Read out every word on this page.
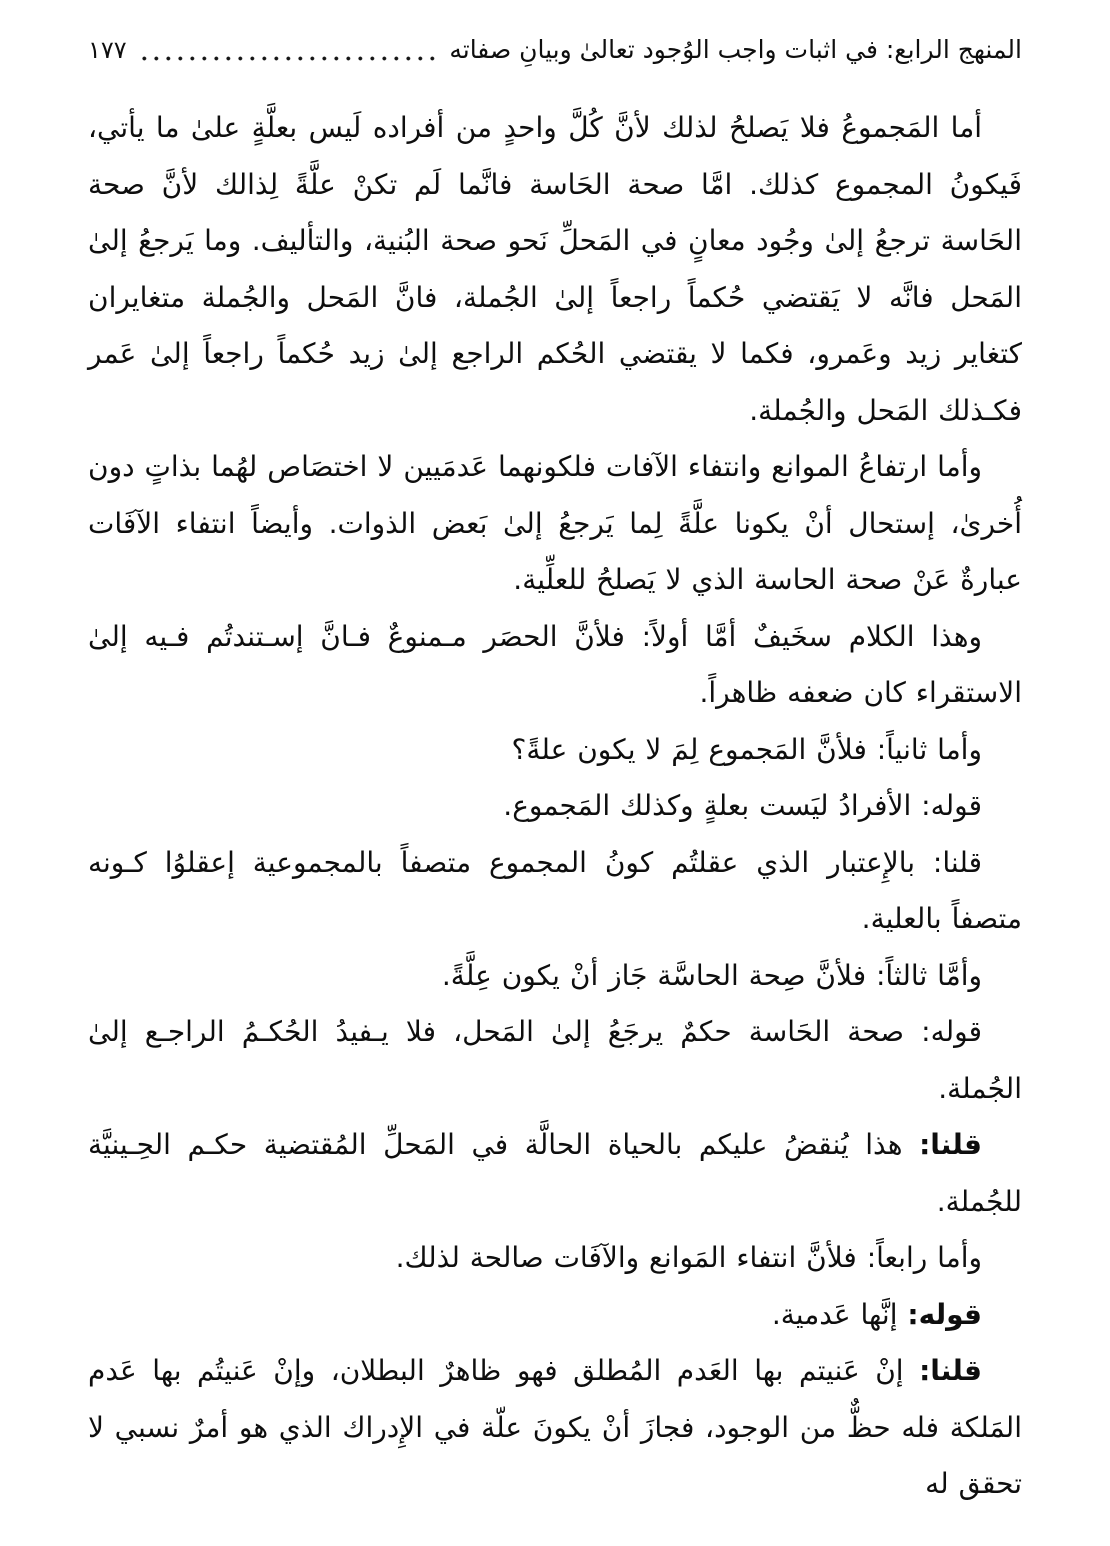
المنهج الرابع: في اثبات واجب الوُجود تعالىٰ وبيانِ صفاته
١٧٧

أما المَجموعُ فلا يَصلحُ لذلك لأنَّ كُلَّ واحدٍ من أفراده لَيس بعلَّةٍ علىٰ ما يأتي، فَيكونُ المجموع كذلك. امَّا صحة الحَاسة فانَّما لَم تكنْ علَّةً لِذالك لأنَّ صحة الحَاسة ترجعُ إلىٰ وجُود معانٍ في المَحلِّ نَحو صحة البُنية، والتأليف. وما يَرجعُ إلىٰ المَحل فانَّه لا يَقتضي حُكماً راجعاً إلىٰ الجُملة، فانَّ المَحل والجُملة متغايران كتغاير زيد وعَمرو، فكما لا يقتضي الحُكم الراجع إلىٰ زيد حُكماً راجعاً إلىٰ عَمر فكـذلك المَحل والجُملة.

وأما ارتفاعُ الموانع وانتفاء الآفات فلكونهما عَدمَيين لا اختصَاص لهُما بذاتٍ دون أُخرىٰ، إستحال أنْ يكونا علَّةً لِما يَرجعُ إلىٰ بَعض الذوات. وأيضاً انتفاء الآفَات عبارةٌ عَنْ صحة الحاسة الذي لا يَصلحُ للعلِّية.

وهذا الكلام سخَيفٌ أمَّا أولاً: فلأنَّ الحصَر مـمنوعٌ فـانَّ إسـتندتُم فـيه إلىٰ الاستقراء كان ضعفه ظاهراً.

وأما ثانياً: فلأنَّ المَجموع لِمَ لا يكون علةً؟

قوله: الأفرادُ ليَست بعلةٍ وكذلك المَجموع.

قلنا: بالإِعتبار الذي عقلتُم كونُ المجموع متصفاً بالمجموعية إعقلوُا كـونه متصفاً بالعلية.

وأمَّا ثالثاً: فلأنَّ صِحة الحاسَّة جَاز أنْ يكون عِلَّةً.

قوله: صحة الحَاسة حكمٌ يرجَعُ إلىٰ المَحل، فلا يـفيدُ الحُكـمُ الراجـع إلىٰ الجُملة.

قلنا: هذا يُنقضُ عليكم بالحياة الحالَّة في المَحلِّ المُقتضية حكـم الحِـينيَّة للجُملة.

وأما رابعاً: فلأنَّ انتفاء المَوانع والآفَات صالحة لذلك.

قوله: إنَّها عَدمية.

قلنا: إنْ عَنيتم بها العَدم المُطلق فهو ظاهرٌ البطلان، وإنْ عَنيتُم بها عَدم المَلكة فله حظٌّ من الوجود، فجازَ أنْ يكونَ علّة في الإِدراك الذي هو أمرٌ نسبي لا تحقق له
